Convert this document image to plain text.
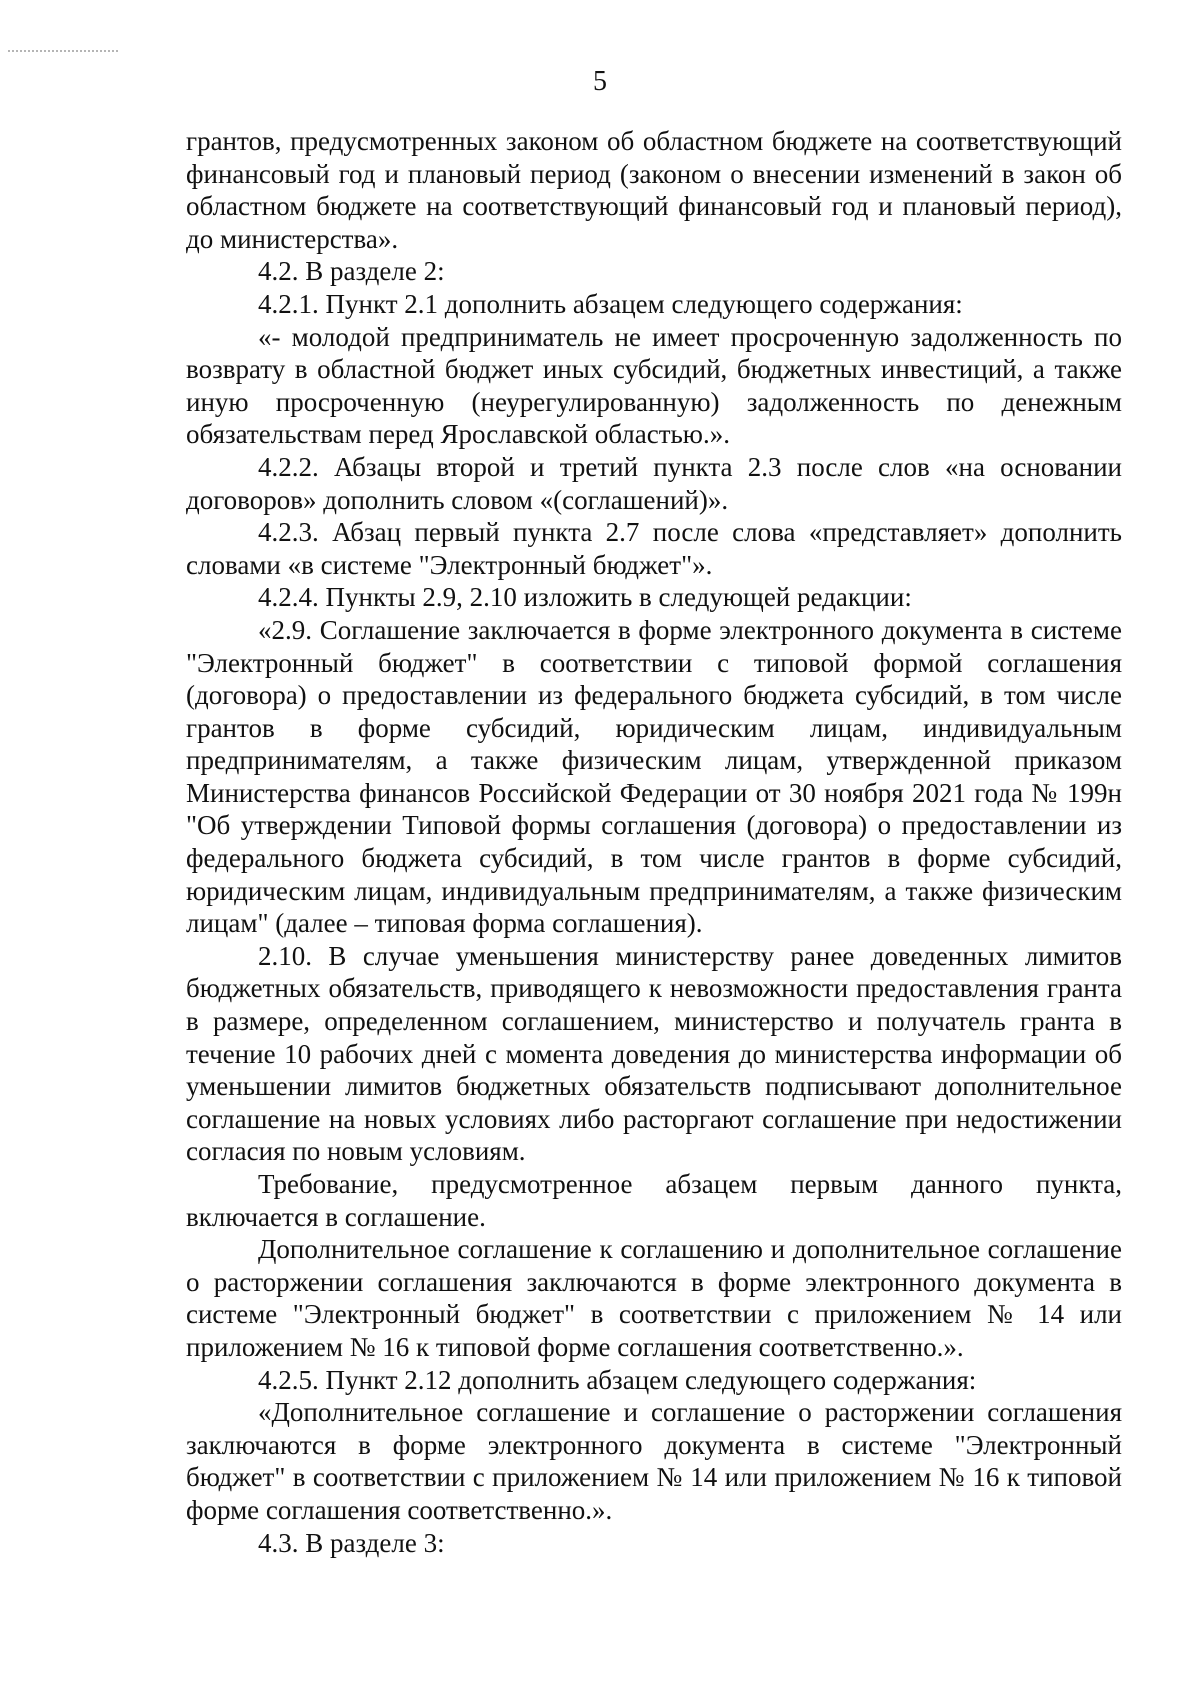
5

грантов, предусмотренных законом об областном бюджете на соответствующий финансовый год и плановый период (законом о внесении изменений в закон об областном бюджете на соответствующий финансовый год и плановый период), до министерства».

4.2. В разделе 2:

4.2.1. Пункт 2.1 дополнить абзацем следующего содержания:

«- молодой предприниматель не имеет просроченную задолженность по возврату в областной бюджет иных субсидий, бюджетных инвестиций, а также иную просроченную (неурегулированную) задолженность по денежным обязательствам перед Ярославской областью.».

4.2.2. Абзацы второй и третий пункта 2.3 после слов «на основании договоров» дополнить словом «(соглашений)».

4.2.3. Абзац первый пункта 2.7 после слова «представляет» дополнить словами «в системе "Электронный бюджет"».

4.2.4. Пункты 2.9, 2.10 изложить в следующей редакции:

«2.9. Соглашение заключается в форме электронного документа в системе "Электронный бюджет" в соответствии с типовой формой соглашения (договора) о предоставлении из федерального бюджета субсидий, в том числе грантов в форме субсидий, юридическим лицам, индивидуальным предпринимателям, а также физическим лицам, утвержденной приказом Министерства финансов Российской Федерации от 30 ноября 2021 года № 199н "Об утверждении Типовой формы соглашения (договора) о предоставлении из федерального бюджета субсидий, в том числе грантов в форме субсидий, юридическим лицам, индивидуальным предпринимателям, а также физическим лицам" (далее – типовая форма соглашения).

2.10. В случае уменьшения министерству ранее доведенных лимитов бюджетных обязательств, приводящего к невозможности предоставления гранта в размере, определенном соглашением, министерство и получатель гранта в течение 10 рабочих дней с момента доведения до министерства информации об уменьшении лимитов бюджетных обязательств подписывают дополнительное соглашение на новых условиях либо расторгают соглашение при недостижении согласия по новым условиям.

Требование, предусмотренное абзацем первым данного пункта, включается в соглашение.

Дополнительное соглашение к соглашению и дополнительное соглашение о расторжении соглашения заключаются в форме электронного документа в системе "Электронный бюджет" в соответствии с приложением № 14 или приложением № 16 к типовой форме соглашения соответственно.».

4.2.5. Пункт 2.12 дополнить абзацем следующего содержания:

«Дополнительное соглашение и соглашение о расторжении соглашения заключаются в форме электронного документа в системе "Электронный бюджет" в соответствии с приложением № 14 или приложением № 16 к типовой форме соглашения соответственно.».

4.3. В разделе 3:
